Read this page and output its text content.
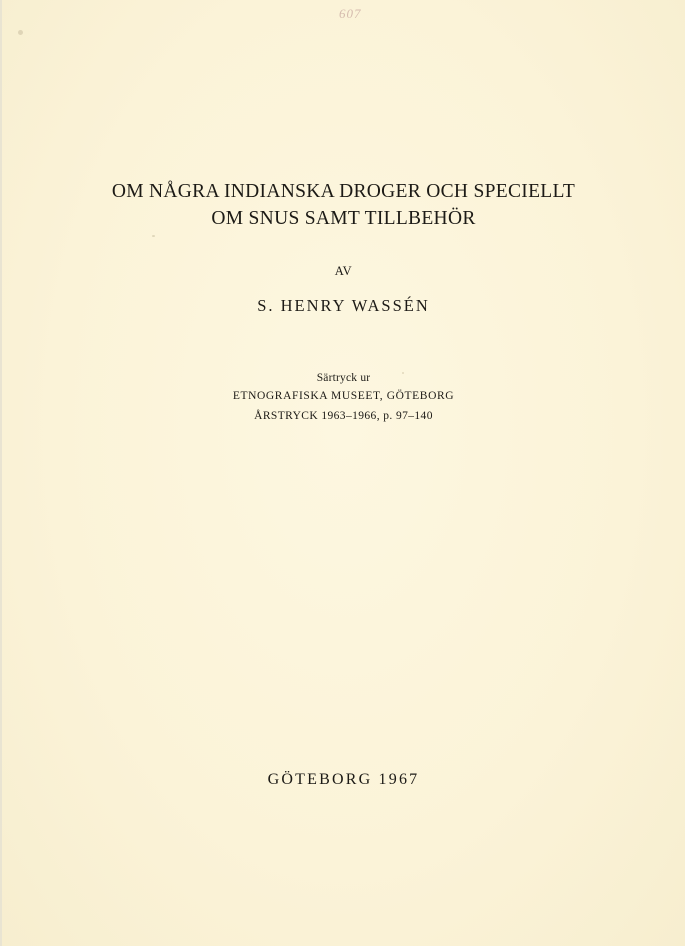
607
OM NÅGRA INDIANSKA DROGER OCH SPECIELLT
OM SNUS SAMT TILLBEHÖR
AV
S. HENRY WASSÉN
Särtryck ur
ETNOGRAFISKA MUSEET, GÖTEBORG
ÅRSTRYCK 1963–1966, p. 97–140
GÖTEBORG 1967
